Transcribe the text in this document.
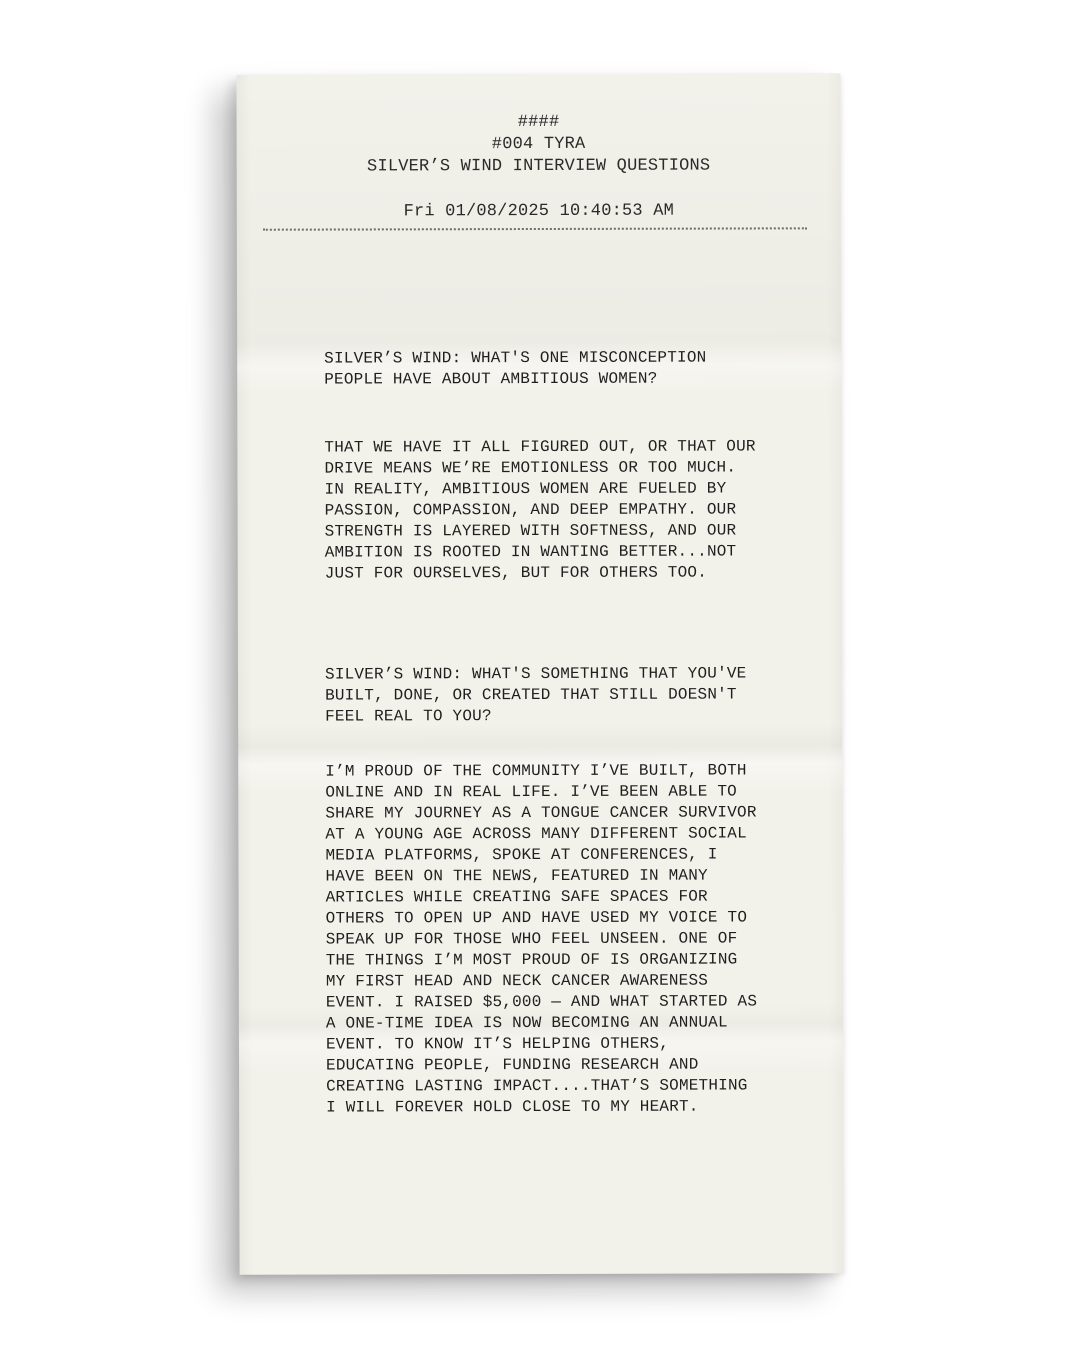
####
#004 TYRA
SILVER’S WIND INTERVIEW QUESTIONS
Fri 01/08/2025 10:40:53 AM
SILVER’S WIND: WHAT'S ONE MISCONCEPTION
PEOPLE HAVE ABOUT AMBITIOUS WOMEN?
THAT WE HAVE IT ALL FIGURED OUT, OR THAT OUR
DRIVE MEANS WE’RE EMOTIONLESS OR TOO MUCH.
IN REALITY, AMBITIOUS WOMEN ARE FUELED BY
PASSION, COMPASSION, AND DEEP EMPATHY. OUR
STRENGTH IS LAYERED WITH SOFTNESS, AND OUR
AMBITION IS ROOTED IN WANTING BETTER...NOT
JUST FOR OURSELVES, BUT FOR OTHERS TOO.
SILVER’S WIND: WHAT'S SOMETHING THAT YOU'VE
BUILT, DONE, OR CREATED THAT STILL DOESN'T
FEEL REAL TO YOU?
I’M PROUD OF THE COMMUNITY I’VE BUILT, BOTH
ONLINE AND IN REAL LIFE. I’VE BEEN ABLE TO
SHARE MY JOURNEY AS A TONGUE CANCER SURVIVOR
AT A YOUNG AGE ACROSS MANY DIFFERENT SOCIAL
MEDIA PLATFORMS, SPOKE AT CONFERENCES, I
HAVE BEEN ON THE NEWS, FEATURED IN MANY
ARTICLES WHILE CREATING SAFE SPACES FOR
OTHERS TO OPEN UP AND HAVE USED MY VOICE TO
SPEAK UP FOR THOSE WHO FEEL UNSEEN. ONE OF
THE THINGS I’M MOST PROUD OF IS ORGANIZING
MY FIRST HEAD AND NECK CANCER AWARENESS
EVENT. I RAISED $5,000 — AND WHAT STARTED AS
A ONE-TIME IDEA IS NOW BECOMING AN ANNUAL
EVENT. TO KNOW IT’S HELPING OTHERS,
EDUCATING PEOPLE, FUNDING RESEARCH AND
CREATING LASTING IMPACT....THAT’S SOMETHING
I WILL FOREVER HOLD CLOSE TO MY HEART.
